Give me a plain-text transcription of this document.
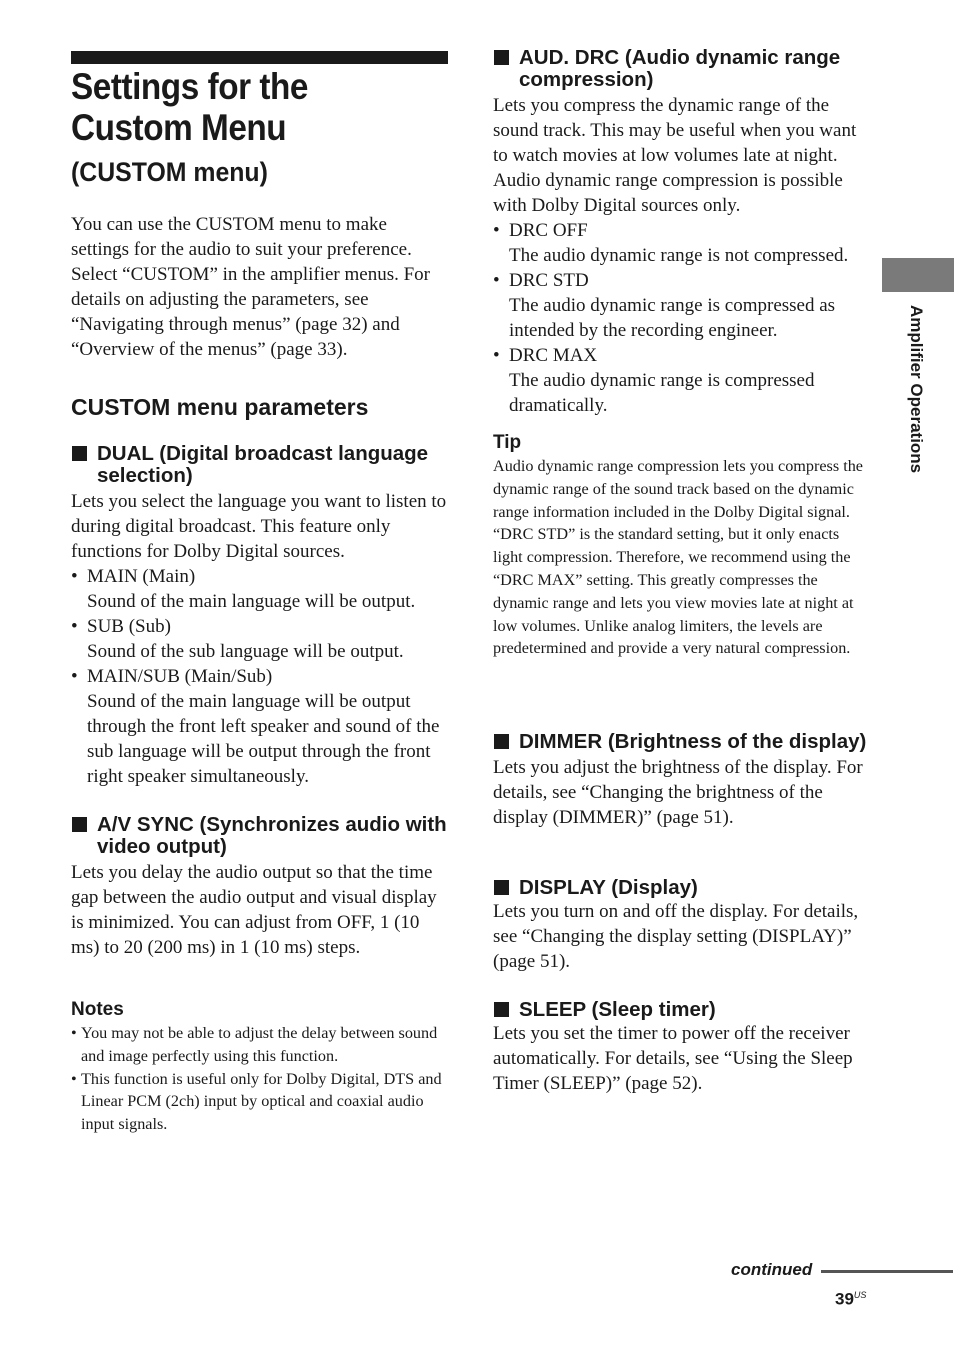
Settings for the Custom Menu
(CUSTOM menu)

You can use the CUSTOM menu to make settings for the audio to suit your preference. Select “CUSTOM” in the amplifier menus. For details on adjusting the parameters, see “Navigating through menus” (page 32) and “Overview of the menus” (page 33).

CUSTOM menu parameters
DUAL (Digital broadcast language selection)

Lets you select the language you want to listen to during digital broadcast. This feature only functions for Dolby Digital sources.

• MAIN (Main)
Sound of the main language will be output.
• SUB (Sub)
Sound of the sub language will be output.
• MAIN/SUB (Main/Sub)
Sound of the main language will be output through the front left speaker and sound of the sub language will be output through the front right speaker simultaneously.
A/V SYNC (Synchronizes audio with video output)

Lets you delay the audio output so that the time gap between the audio output and visual display is minimized. You can adjust from OFF, 1 (10 ms) to 20 (200 ms) in 1 (10 ms) steps.

Notes
• You may not be able to adjust the delay between sound and image perfectly using this function.
• This function is useful only for Dolby Digital, DTS and Linear PCM (2ch) input by optical and coaxial audio input signals.
AUD. DRC (Audio dynamic range compression)

Lets you compress the dynamic range of the sound track. This may be useful when you want to watch movies at low volumes late at night. Audio dynamic range compression is possible with Dolby Digital sources only.

• DRC OFF
The audio dynamic range is not compressed.
• DRC STD
The audio dynamic range is compressed as intended by the recording engineer.
• DRC MAX
The audio dynamic range is compressed dramatically.
Tip

Audio dynamic range compression lets you compress the dynamic range of the sound track based on the dynamic range information included in the Dolby Digital signal.

“DRC STD” is the standard setting, but it only enacts light compression. Therefore, we recommend using the “DRC MAX” setting. This greatly compresses the dynamic range and lets you view movies late at night at low volumes. Unlike analog limiters, the levels are predetermined and provide a very natural compression.

DIMMER (Brightness of the display)

Lets you adjust the brightness of the display. For details, see “Changing the brightness of the display (DIMMER)” (page 51).

DISPLAY (Display)

Lets you turn on and off the display. For details, see “Changing the display setting (DISPLAY)” (page 51).

SLEEP (Sleep timer)

Lets you set the timer to power off the receiver automatically. For details, see “Using the Sleep Timer (SLEEP)” (page 52).

Amplifier Operations
continued
$39^{US}$
